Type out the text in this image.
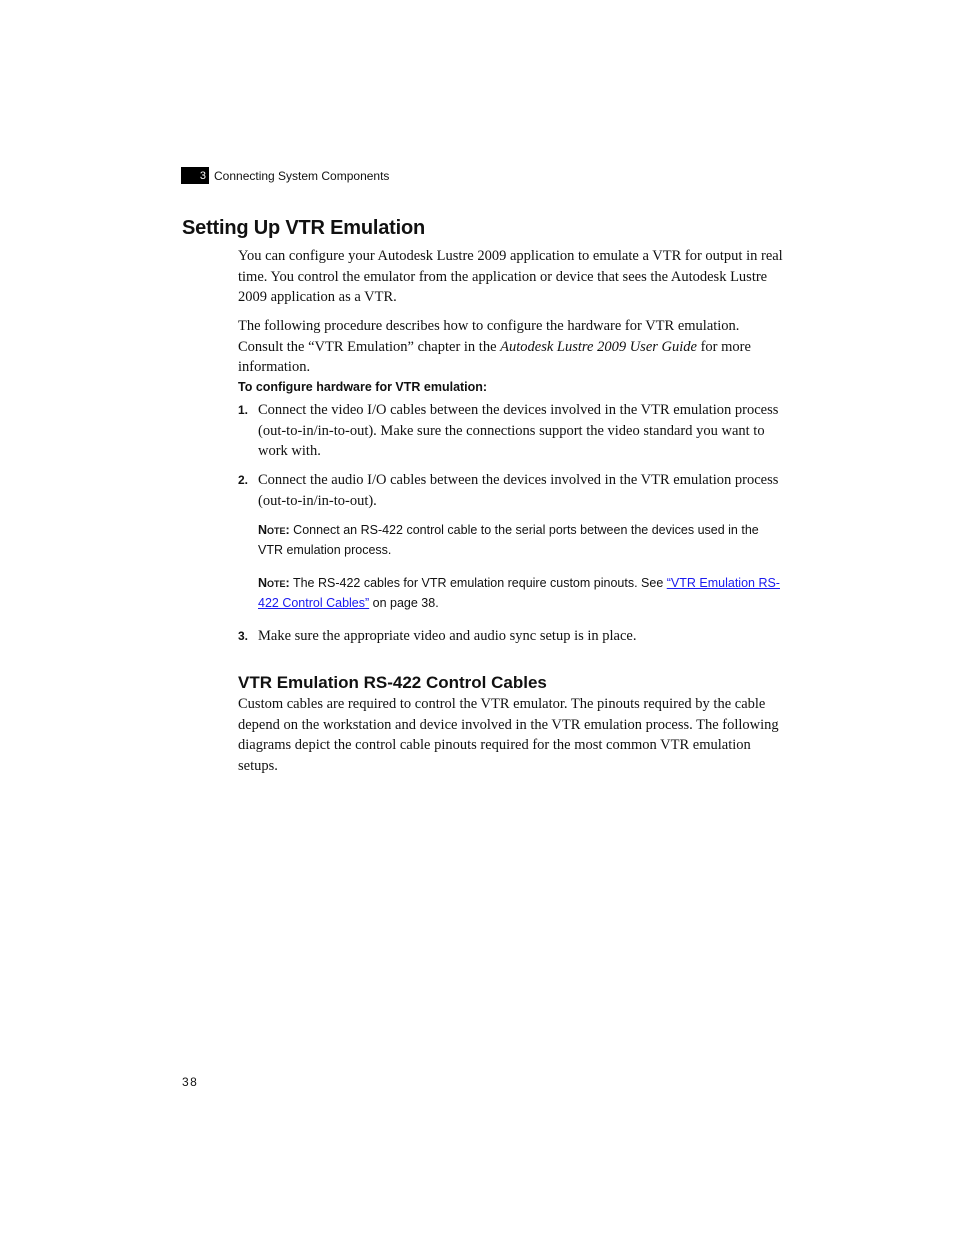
3 Connecting System Components
Setting Up VTR Emulation

You can configure your Autodesk Lustre 2009 application to emulate a VTR for output in real time. You control the emulator from the application or device that sees the Autodesk Lustre 2009 application as a VTR.

The following procedure describes how to configure the hardware for VTR emulation. Consult the “VTR Emulation” chapter in the Autodesk Lustre 2009 User Guide for more information.

To configure hardware for VTR emulation:
1. Connect the video I/O cables between the devices involved in the VTR emulation process (out-to-in/in-to-out). Make sure the connections support the video standard you want to work with.
2. Connect the audio I/O cables between the devices involved in the VTR emulation process (out-to-in/in-to-out).

Note: Connect an RS-422 control cable to the serial ports between the devices used in the VTR emulation process.

Note: The RS-422 cables for VTR emulation require custom pinouts. See “VTR Emulation RS-422 Control Cables” on page 38.

3. Make sure the appropriate video and audio sync setup is in place.
VTR Emulation RS-422 Control Cables

Custom cables are required to control the VTR emulator. The pinouts required by the cable depend on the workstation and device involved in the VTR emulation process. The following diagrams depict the control cable pinouts required for the most common VTR emulation setups.

38
